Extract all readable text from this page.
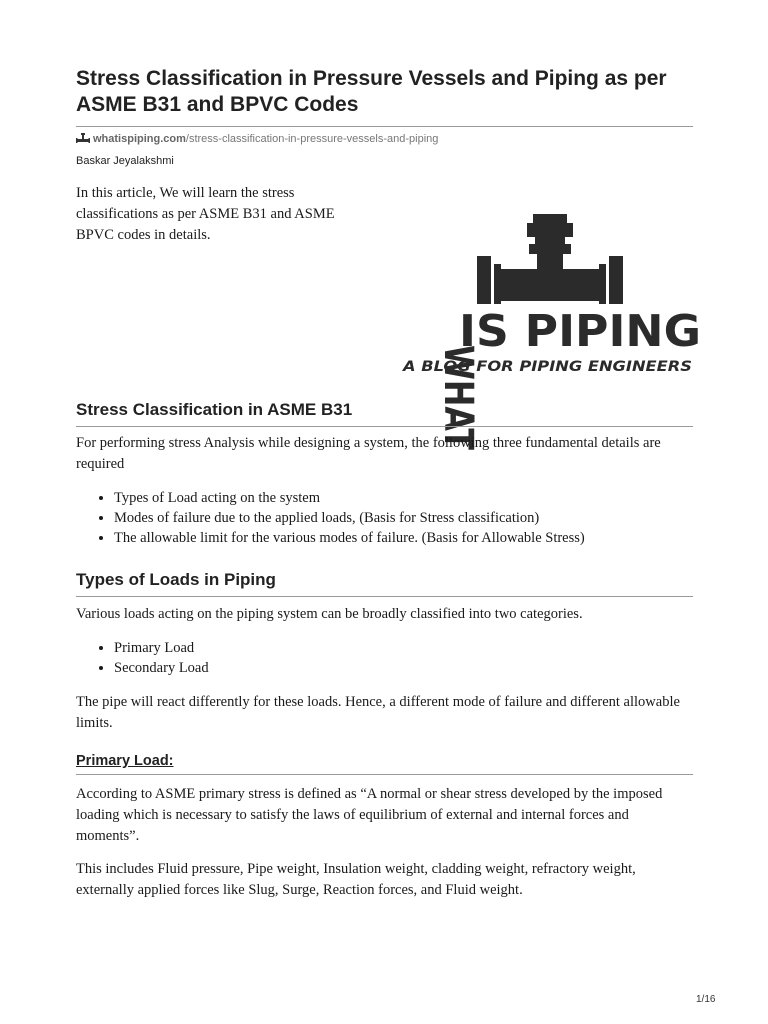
Stress Classification in Pressure Vessels and Piping as per ASME B31 and BPVC Codes
whatispiping.com/stress-classification-in-pressure-vessels-and-piping
Baskar Jeyalakshmi

In this article, We will learn the stress classifications as per ASME B31 and ASME BPVC codes in details.

WHAT
IS PIPING
A BLOG FOR PIPING ENGINEERS
Stress Classification in ASME B31

For performing stress Analysis while designing a system, the following three fundamental details are required

• Types of Load acting on the system
• Modes of failure due to the applied loads, (Basis for Stress classification)
• The allowable limit for the various modes of failure. (Basis for Allowable Stress)
Types of Loads in Piping

Various loads acting on the piping system can be broadly classified into two categories.

• Primary Load
• Secondary Load

The pipe will react differently for these loads. Hence, a different mode of failure and different allowable limits.

Primary Load:

According to ASME primary stress is defined as “A normal or shear stress developed by the imposed loading which is necessary to satisfy the laws of equilibrium of external and internal forces and moments”.

This includes Fluid pressure, Pipe weight, Insulation weight, cladding weight, refractory weight, externally applied forces like Slug, Surge, Reaction forces, and Fluid weight.

1/16
